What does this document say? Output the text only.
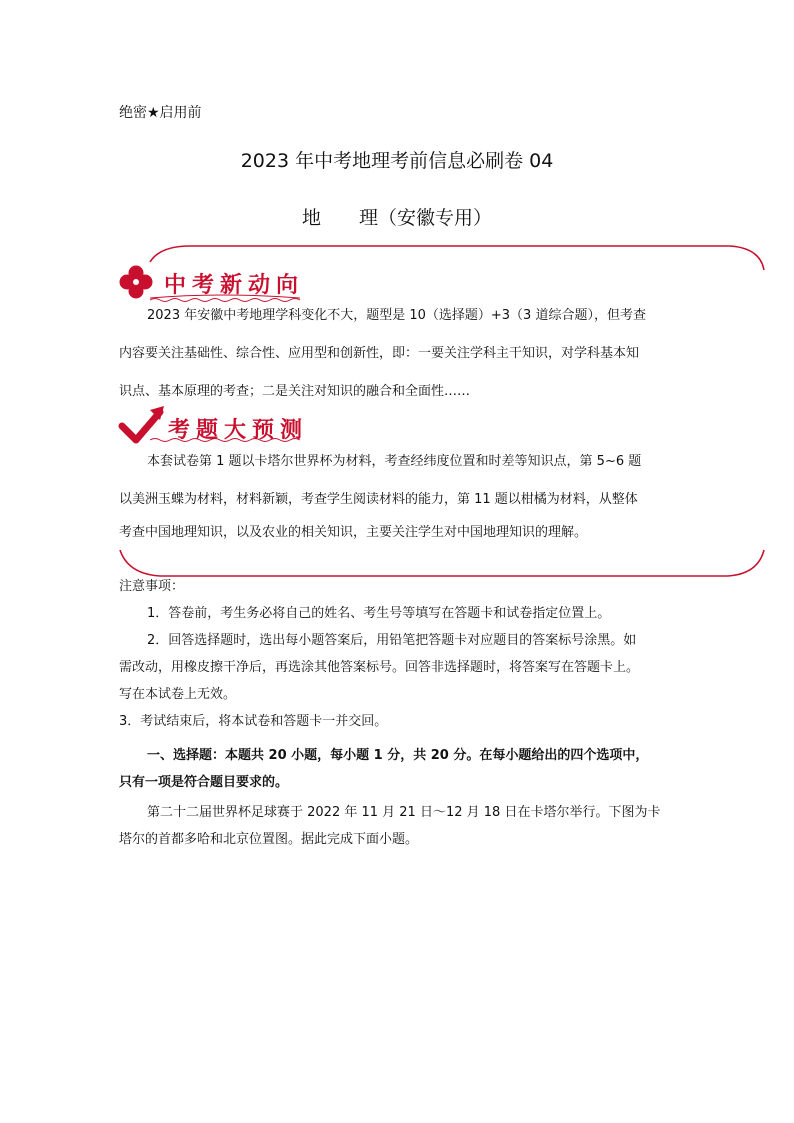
绝密★启用前
2023 年中考地理考前信息必刷卷 04
地　　理（安徽专用）
中考新动向
2023 年安徽中考地理学科变化不大，题型是 10（选择题）+3（3 道综合题），但考查
内容要关注基础性、综合性、应用型和创新性，即：一要关注学科主干知识，对学科基本知
识点、基本原理的考查；二是关注对知识的融合和全面性……
考题大预测
本套试卷第 1 题以卡塔尔世界杯为材料，考查经纬度位置和时差等知识点，第 5~6 题
以美洲玉蝶为材料，材料新颖，考查学生阅读材料的能力，第 11 题以柑橘为材料，从整体
考查中国地理知识，以及农业的相关知识，主要关注学生对中国地理知识的理解。
注意事项：
1．答卷前，考生务必将自己的姓名、考生号等填写在答题卡和试卷指定位置上。
2．回答选择题时，选出每小题答案后，用铅笔把答题卡对应题目的答案标号涂黑。如
需改动，用橡皮擦干净后，再选涂其他答案标号。回答非选择题时，将答案写在答题卡上。
写在本试卷上无效。
3．考试结束后，将本试卷和答题卡一并交回。
一、选择题：本题共 20 小题，每小题 1 分，共 20 分。在每小题给出的四个选项中，
只有一项是符合题目要求的。
第二十二届世界杯足球赛于 2022 年 11 月 21 日～12 月 18 日在卡塔尔举行。下图为卡
塔尔的首都多哈和北京位置图。据此完成下面小题。
